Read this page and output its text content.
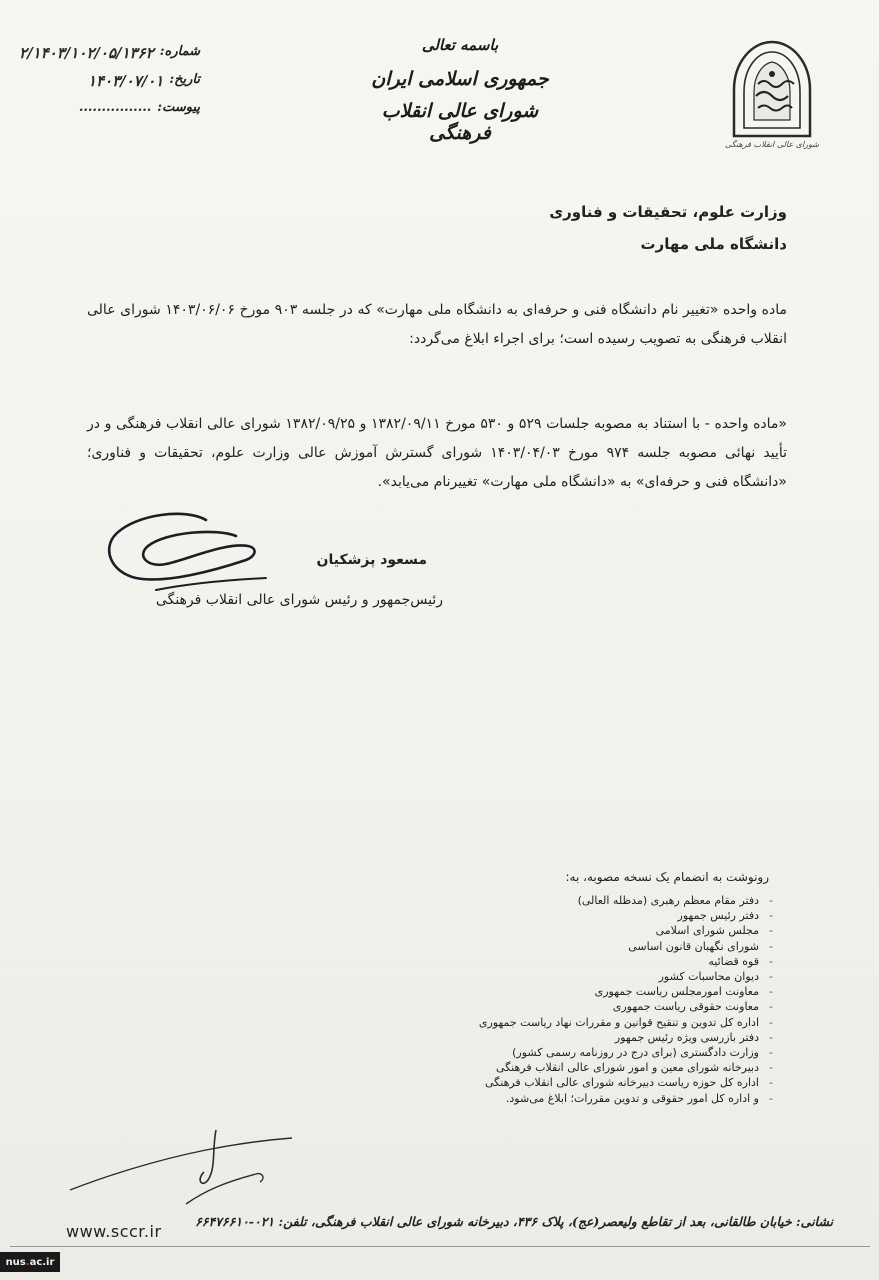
شورای عالی انقلاب فرهنگی
باسمه تعالی
جمهوری اسلامی ایران
شورای عالی انقلاب فرهنگی
شماره:
۲/۱۴۰۳/۱۰۲/۰۵/۱۳۶۲
تاریخ:
۱۴۰۳/۰۷/۰۱
پیوست:
................
وزارت علوم، تحقیقات و فناوری
دانشگاه ملی مهارت
ماده واحده «تغییر نام دانشگاه فنی و حرفه‌ای به دانشگاه ملی مهارت» که در جلسه ۹۰۳ مورخ ۱۴۰۳/۰۶/۰۶ شورای عالی انقلاب فرهنگی به تصویب رسیده است؛ برای اجراء ابلاغ می‌گردد:
«ماده واحده - با استناد به مصوبه جلسات ۵۲۹ و ۵۳۰ مورخ ۱۳۸۲/۰۹/۱۱ و ۱۳۸۲/۰۹/۲۵ شورای عالی انقلاب فرهنگی و در تأیید نهائی مصوبه جلسه ۹۷۴ مورخ ۱۴۰۳/۰۴/۰۳ شورای گسترش آموزش عالی وزارت علوم، تحقیقات و فناوری؛ «دانشگاه فنی و حرفه‌ای» به «دانشگاه ملی مهارت» تغییرنام می‌یابد».
مسعود پزشکیان
رئیس‌جمهور و رئیس شورای عالی انقلاب فرهنگی
رونوشت به انضمام یک نسخه مصوبه، به:
-
دفتر مقام معظم رهبری (مدظله العالی)
-
دفتر رئیس جمهور
-
مجلس شورای اسلامی
-
شورای نگهبان قانون اساسی
-
قوه قضائیه
-
دیوان محاسبات کشور
-
معاونت امورمجلس ریاست جمهوری
-
معاونت حقوقی ریاست جمهوری
-
اداره کل تدوین و تنقیح قوانین و مقررات نهاد ریاست جمهوری
-
دفتر بازرسی ویژه رئیس جمهور
-
وزارت دادگستری (برای درج در روزنامه رسمی کشور)
-
دبیرخانه شورای معین و امور شورای عالی انقلاب فرهنگی
-
اداره کل حوزه ریاست دبیرخانه شورای عالی انقلاب فرهنگی
-
و اداره کل امور حقوقی و تدوین مقررات؛ ابلاغ می‌شود.
www.sccr.ir
نشانی: خیابان طالقانی، بعد از تقاطع ولیعصر(عج)، پلاک ۴۳۶، دبیرخانه شورای عالی انقلاب فرهنگی، تلفن: ۰۲۱-۶۶۴۷۶۶۱۰
nus . ac.ir
